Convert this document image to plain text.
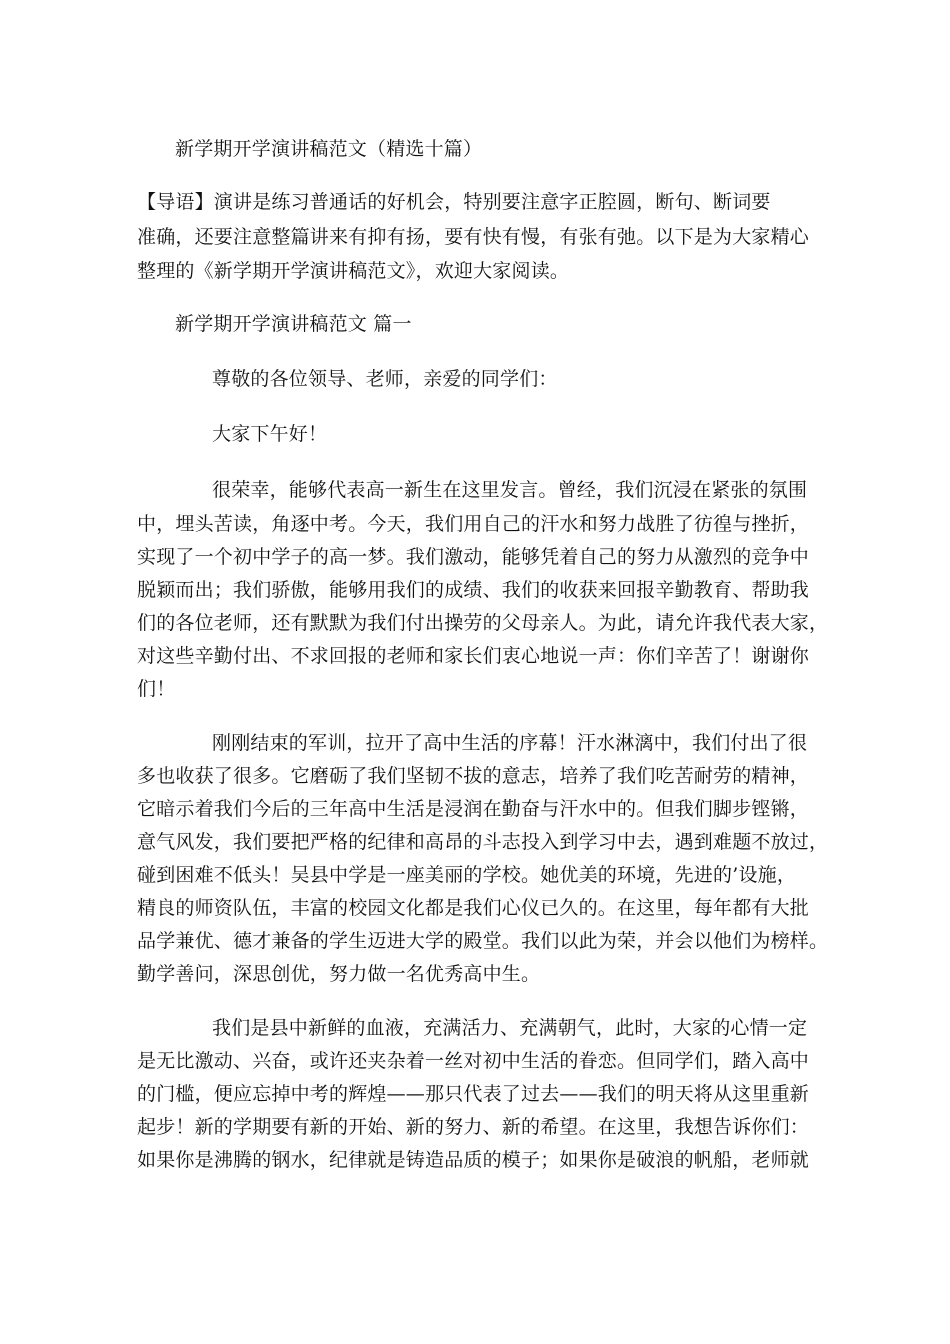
新学期开学演讲稿范文（精选十篇）
【导语】演讲是练习普通话的好机会，特别要注意字正腔圆，断句、断词要
准确，还要注意整篇讲来有抑有扬，要有快有慢，有张有弛。以下是为大家精心
整理的《新学期开学演讲稿范文》，欢迎大家阅读。
新学期开学演讲稿范文 篇一
尊敬的各位领导、老师，亲爱的同学们：
大家下午好！
很荣幸，能够代表高一新生在这里发言。曾经，我们沉浸在紧张的氛围
中，埋头苦读，角逐中考。今天，我们用自己的汗水和努力战胜了彷徨与挫折，
实现了一个初中学子的高一梦。我们激动，能够凭着自己的努力从激烈的竞争中
脱颖而出；我们骄傲，能够用我们的成绩、我们的收获来回报辛勤教育、帮助我
们的各位老师，还有默默为我们付出操劳的父母亲人。为此，请允许我代表大家，
对这些辛勤付出、不求回报的老师和家长们衷心地说一声：你们辛苦了！谢谢你
们！
刚刚结束的军训，拉开了高中生活的序幕！汗水淋漓中，我们付出了很
多也收获了很多。它磨砺了我们坚韧不拔的意志，培养了我们吃苦耐劳的精神，
它暗示着我们今后的三年高中生活是浸润在勤奋与汗水中的。但我们脚步铿锵，
意气风发，我们要把严格的纪律和高昂的斗志投入到学习中去，遇到难题不放过，
碰到困难不低头！吴县中学是一座美丽的学校。她优美的环境，先进的’设施，
精良的师资队伍，丰富的校园文化都是我们心仪已久的。在这里，每年都有大批
品学兼优、德才兼备的学生迈进大学的殿堂。我们以此为荣，并会以他们为榜样。
勤学善问，深思创优，努力做一名优秀高中生。
我们是县中新鲜的血液，充满活力、充满朝气，此时，大家的心情一定
是无比激动、兴奋，或许还夹杂着一丝对初中生活的眷恋。但同学们，踏入高中
的门槛，便应忘掉中考的辉煌——那只代表了过去——我们的明天将从这里重新
起步！新的学期要有新的开始、新的努力、新的希望。在这里，我想告诉你们：
如果你是沸腾的钢水，纪律就是铸造品质的模子；如果你是破浪的帆船，老师就
